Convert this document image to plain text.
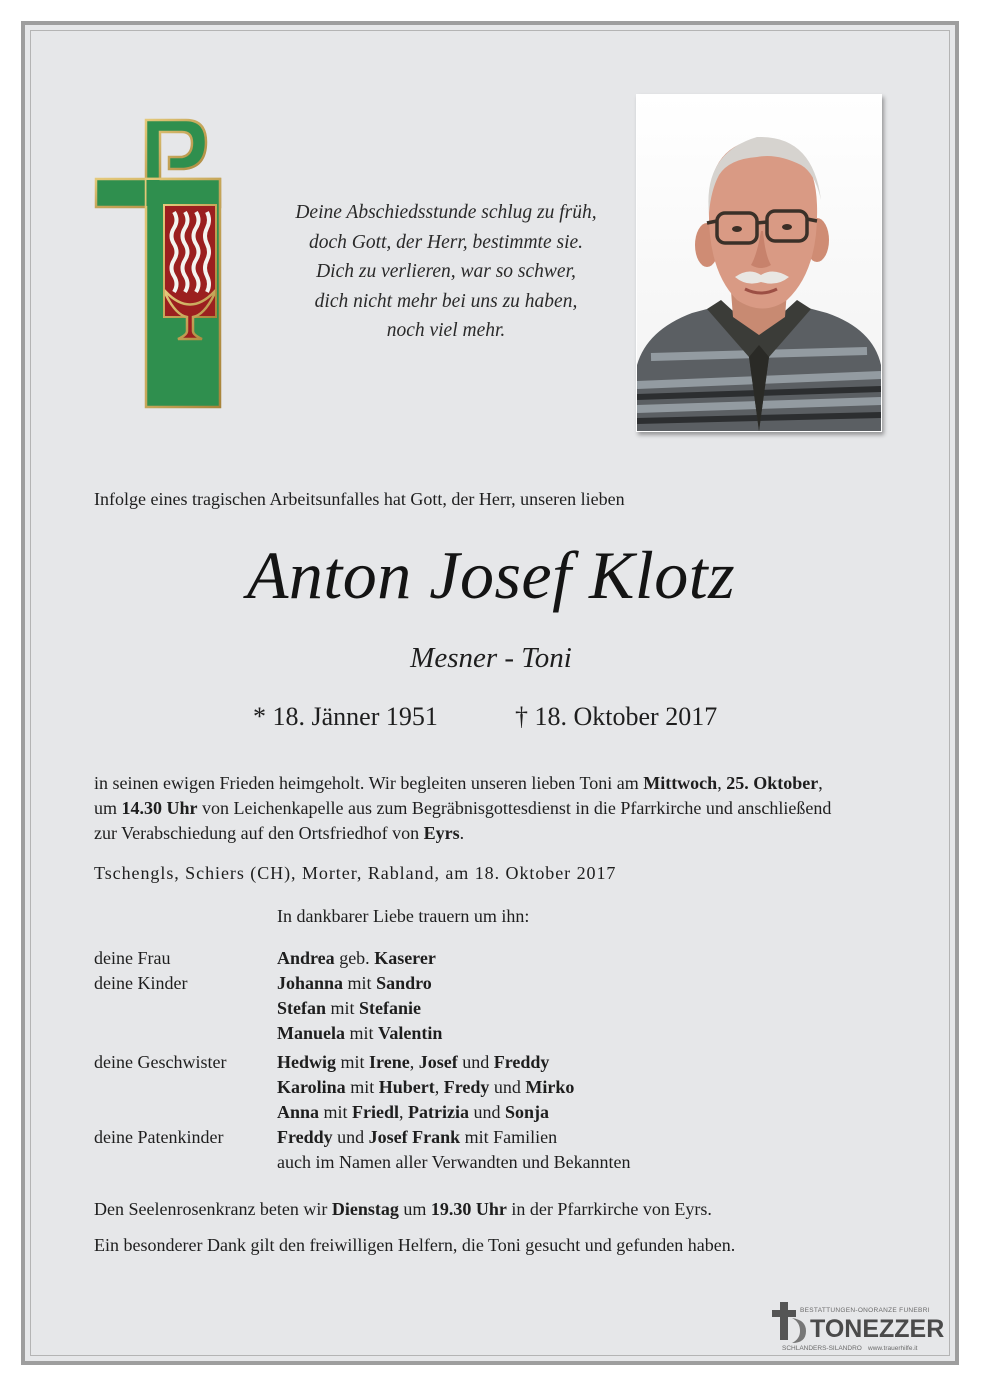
Deine Abschiedsstunde schlug zu früh,
doch Gott, der Herr, bestimmte sie.
Dich zu verlieren, war so schwer,
dich nicht mehr bei uns zu haben,
noch viel mehr.
Infolge eines tragischen Arbeitsunfalles hat Gott, der Herr, unseren lieben
Anton Josef Klotz
Mesner - Toni
* 18. Jänner 1951	† 18. Oktober 2017
in seinen ewigen Frieden heimgeholt. Wir begleiten unseren lieben Toni am Mittwoch, 25. Oktober,
um 14.30 Uhr von Leichenkapelle aus zum Begräbnisgottesdienst in die Pfarrkirche und anschließend
zur Verabschiedung auf den Ortsfriedhof von Eyrs.
Tschengls, Schiers (CH), Morter, Rabland, am 18. Oktober 2017
In dankbarer Liebe trauern um ihn:
deine Frau	Andrea geb. Kaserer
deine Kinder	Johanna mit Sandro
Stefan mit Stefanie
Manuela mit Valentin
deine Geschwister	Hedwig mit Irene, Josef und Freddy
Karolina mit Hubert, Fredy und Mirko
Anna mit Friedl, Patrizia und Sonja
deine Patenkinder	Freddy und Josef Frank mit Familien
auch im Namen aller Verwandten und Bekannten
Den Seelenrosenkranz beten wir Dienstag um 19.30 Uhr in der Pfarrkirche von Eyrs.
Ein besonderer Dank gilt den freiwilligen Helfern, die Toni gesucht und gefunden haben.
BESTATTUNGEN-ONORANZE FUNEBRI
TONEZZER
SCHLANDERS-SILANDRO www.trauerhilfe.it
